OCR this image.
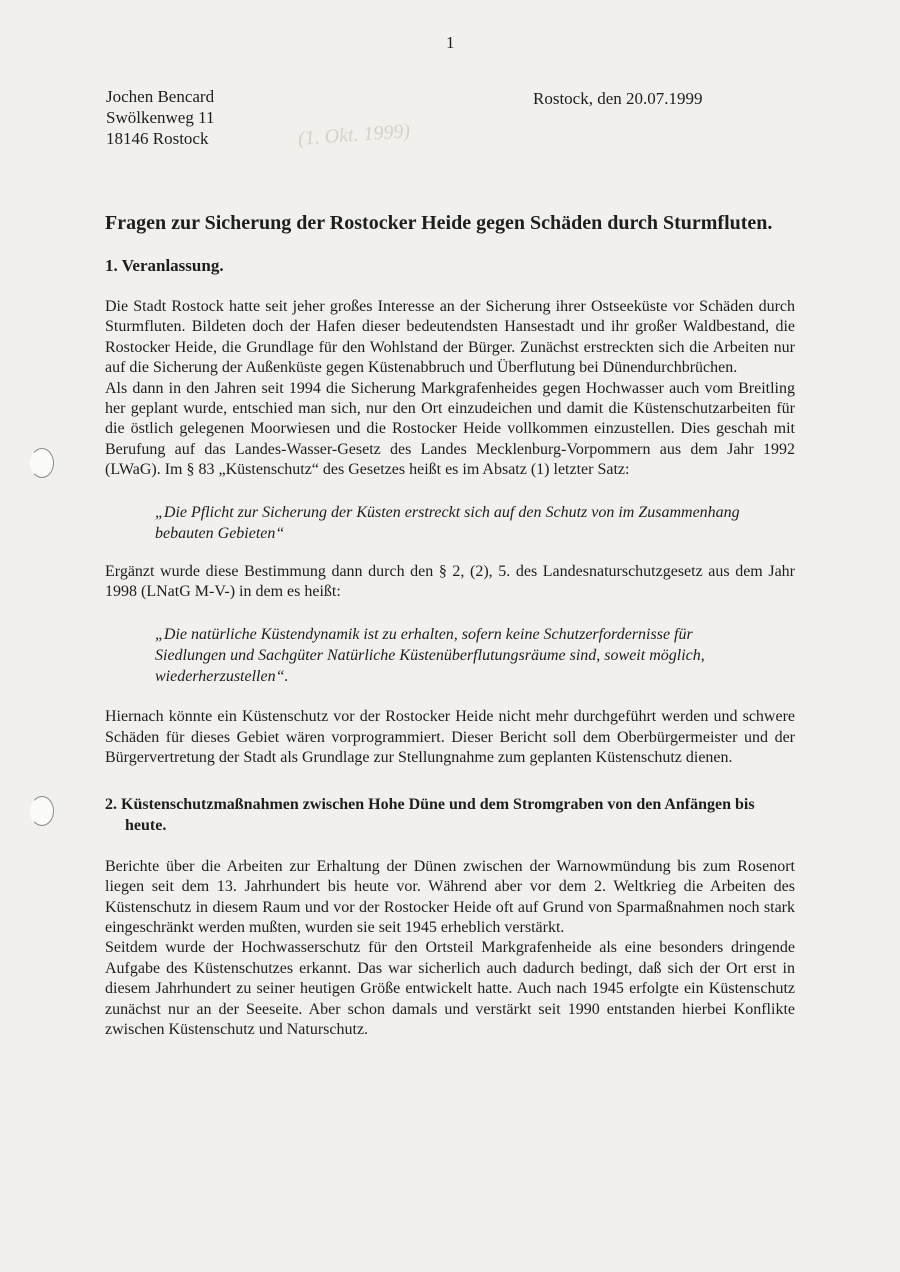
1
Jochen Bencard
Swölkenweg 11
18146 Rostock
Rostock, den 20.07.1999
(1. Okt. 1999)
Fragen zur Sicherung der Rostocker Heide gegen Schäden durch Sturmfluten.
1. Veranlassung.

Die Stadt Rostock hatte seit jeher großes Interesse an der Sicherung ihrer Ostseeküste vor Schäden durch Sturmfluten. Bildeten doch der Hafen dieser bedeutendsten Hansestadt und ihr großer Waldbestand, die Rostocker Heide, die Grundlage für den Wohlstand der Bürger. Zunächst erstreckten sich die Arbeiten nur auf die Sicherung der Außenküste gegen Küstenabbruch und Überflutung bei Dünendurchbrüchen.

Als dann in den Jahren seit 1994 die Sicherung Markgrafenheides gegen Hochwasser auch vom Breitling her geplant wurde, entschied man sich, nur den Ort einzudeichen und damit die Küstenschutzarbeiten für die östlich gelegenen Moorwiesen und die Rostocker Heide vollkommen einzustellen. Dies geschah mit Berufung auf das Landes-Wasser-Gesetz des Landes Mecklenburg-Vorpommern aus dem Jahr 1992 (LWaG). Im § 83 „Küstenschutz“ des Gesetzes heißt es im Absatz (1) letzter Satz:

„Die Pflicht zur Sicherung der Küsten erstreckt sich auf den Schutz von im Zusammenhang bebauten Gebieten“

Ergänzt wurde diese Bestimmung dann durch den § 2, (2), 5. des Landesnaturschutzgesetz aus dem Jahr 1998 (LNatG M-V-) in dem es heißt:

„Die natürliche Küstendynamik ist zu erhalten, sofern keine Schutzerfordernisse für Siedlungen und Sachgüter Natürliche Küstenüberflutungsräume sind, soweit möglich, wiederherzustellen“.

Hiernach könnte ein Küstenschutz vor der Rostocker Heide nicht mehr durchgeführt werden und schwere Schäden für dieses Gebiet wären vorprogrammiert. Dieser Bericht soll dem Oberbürgermeister und der Bürgervertretung der Stadt als Grundlage zur Stellungnahme zum geplanten Küstenschutz dienen.

2. Küstenschutzmaßnahmen zwischen Hohe Düne und dem Stromgraben von den Anfängen bis heute.

Berichte über die Arbeiten zur Erhaltung der Dünen zwischen der Warnowmündung bis zum Rosenort liegen seit dem 13. Jahrhundert bis heute vor. Während aber vor dem 2. Weltkrieg die Arbeiten des Küstenschutz in diesem Raum und vor der Rostocker Heide oft auf Grund von Sparmaßnahmen noch stark eingeschränkt werden mußten, wurden sie seit 1945 erheblich verstärkt.

Seitdem wurde der Hochwasserschutz für den Ortsteil Markgrafenheide als eine besonders dringende Aufgabe des Küstenschutzes erkannt. Das war sicherlich auch dadurch bedingt, daß sich der Ort erst in diesem Jahrhundert zu seiner heutigen Größe entwickelt hatte. Auch nach 1945 erfolgte ein Küstenschutz zunächst nur an der Seeseite. Aber schon damals und verstärkt seit 1990 entstanden hierbei Konflikte zwischen Küstenschutz und Naturschutz.
